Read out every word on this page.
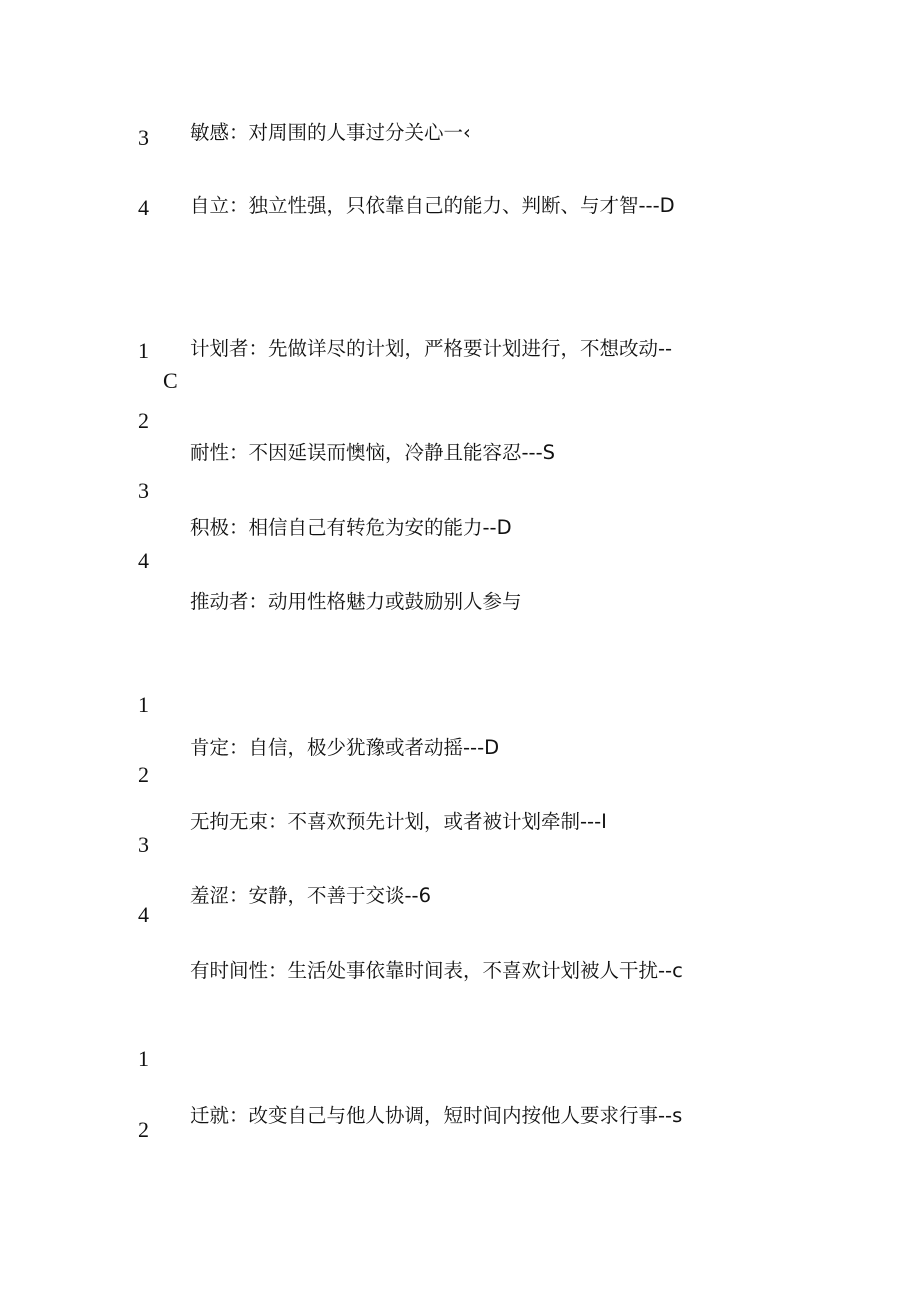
3 敏感：对周围的人事过分关心一‹
4 自立：独立性强，只依靠自己的能力、判断、与才智---D
1 计划者：先做详尽的计划，严格要计划进行，不想改动--
C
2
耐性：不因延误而懊恼，冷静且能容忍---S
3
积极：相信自己有转危为安的能力--D
4
推动者：动用性格魅力或鼓励别人参与
1
肯定：自信，极少犹豫或者动摇---D
2
无拘无束：不喜欢预先计划，或者被计划牵制---I
3
羞涩：安静，不善于交谈--6
4
有时间性：生活处事依靠时间表，不喜欢计划被人干扰--c
1
迁就：改变自己与他人协调，短时间内按他人要求行事--s
2
